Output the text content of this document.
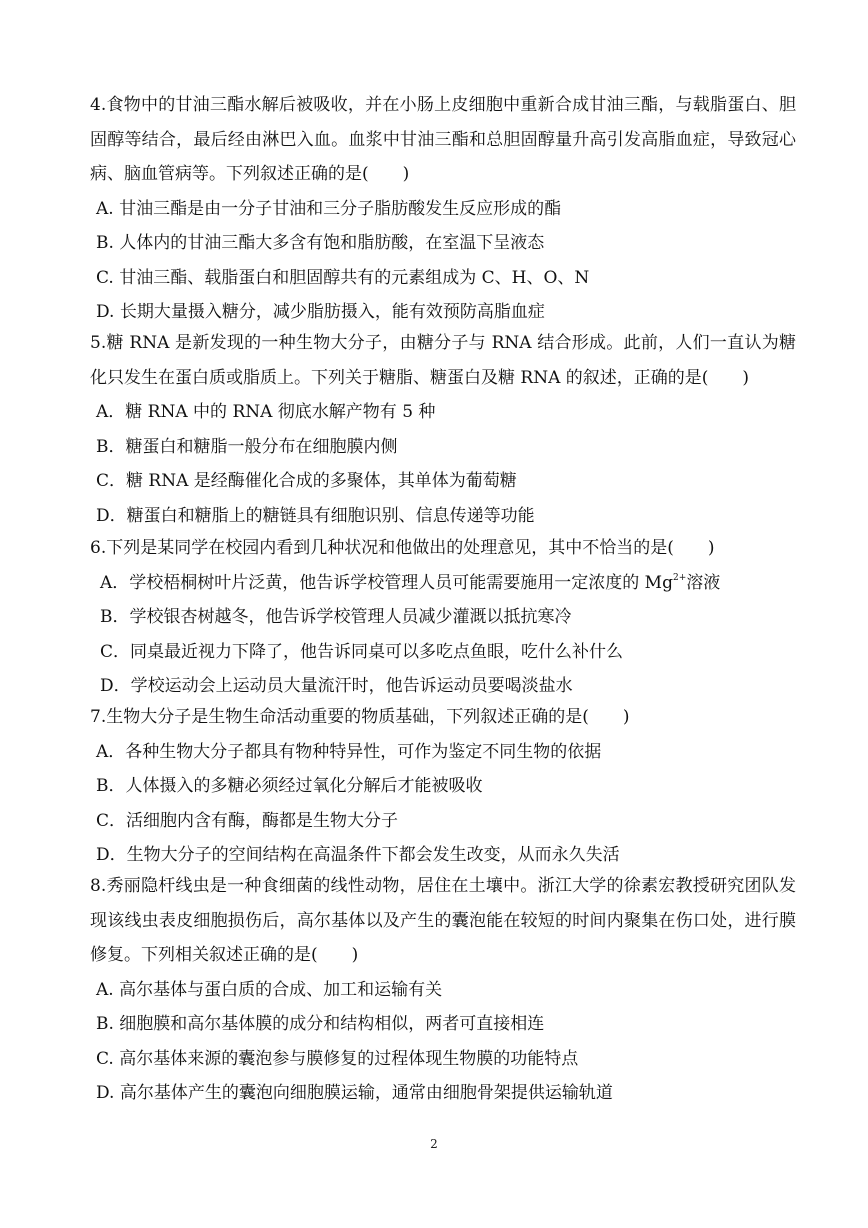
4.食物中的甘油三酯水解后被吸收，并在小肠上皮细胞中重新合成甘油三酯，与载脂蛋白、胆固醇等结合，最后经由淋巴入血。血浆中甘油三酯和总胆固醇量升高引发高脂血症，导致冠心病、脑血管病等。下列叙述正确的是(　　)

A. 甘油三酯是由一分子甘油和三分子脂肪酸发生反应形成的酯
B. 人体内的甘油三酯大多含有饱和脂肪酸，在室温下呈液态
C. 甘油三酯、载脂蛋白和胆固醇共有的元素组成为 C、H、O、N
D. 长期大量摄入糖分，减少脂肪摄入，能有效预防高脂血症

5.糖 RNA 是新发现的一种生物大分子，由糖分子与 RNA 结合形成。此前，人们一直认为糖化只发生在蛋白质或脂质上。下列关于糖脂、糖蛋白及糖 RNA 的叙述，正确的是(　　)

A．糖 RNA 中的 RNA 彻底水解产物有 5 种
B．糖蛋白和糖脂一般分布在细胞膜内侧
C．糖 RNA 是经酶催化合成的多聚体，其单体为葡萄糖
D．糖蛋白和糖脂上的糖链具有细胞识别、信息传递等功能

6.下列是某同学在校园内看到几种状况和他做出的处理意见，其中不恰当的是(　　)

A．学校梧桐树叶片泛黄，他告诉学校管理人员可能需要施用一定浓度的 $Mg^{2+}$溶液
B．学校银杏树越冬，他告诉学校管理人员减少灌溉以抵抗寒冷
C．同桌最近视力下降了，他告诉同桌可以多吃点鱼眼，吃什么补什么
D．学校运动会上运动员大量流汗时，他告诉运动员要喝淡盐水

7.生物大分子是生物生命活动重要的物质基础，下列叙述正确的是(　　)

A．各种生物大分子都具有物种特异性，可作为鉴定不同生物的依据
B．人体摄入的多糖必须经过氧化分解后才能被吸收
C．活细胞内含有酶，酶都是生物大分子
D．生物大分子的空间结构在高温条件下都会发生改变，从而永久失活

8.秀丽隐杆线虫是一种食细菌的线性动物，居住在土壤中。浙江大学的徐素宏教授研究团队发现该线虫表皮细胞损伤后，高尔基体以及产生的囊泡能在较短的时间内聚集在伤口处，进行膜修复。下列相关叙述正确的是(　　)

A. 高尔基体与蛋白质的合成、加工和运输有关
B. 细胞膜和高尔基体膜的成分和结构相似，两者可直接相连
C. 高尔基体来源的囊泡参与膜修复的过程体现生物膜的功能特点
D. 高尔基体产生的囊泡向细胞膜运输，通常由细胞骨架提供运输轨道
2
